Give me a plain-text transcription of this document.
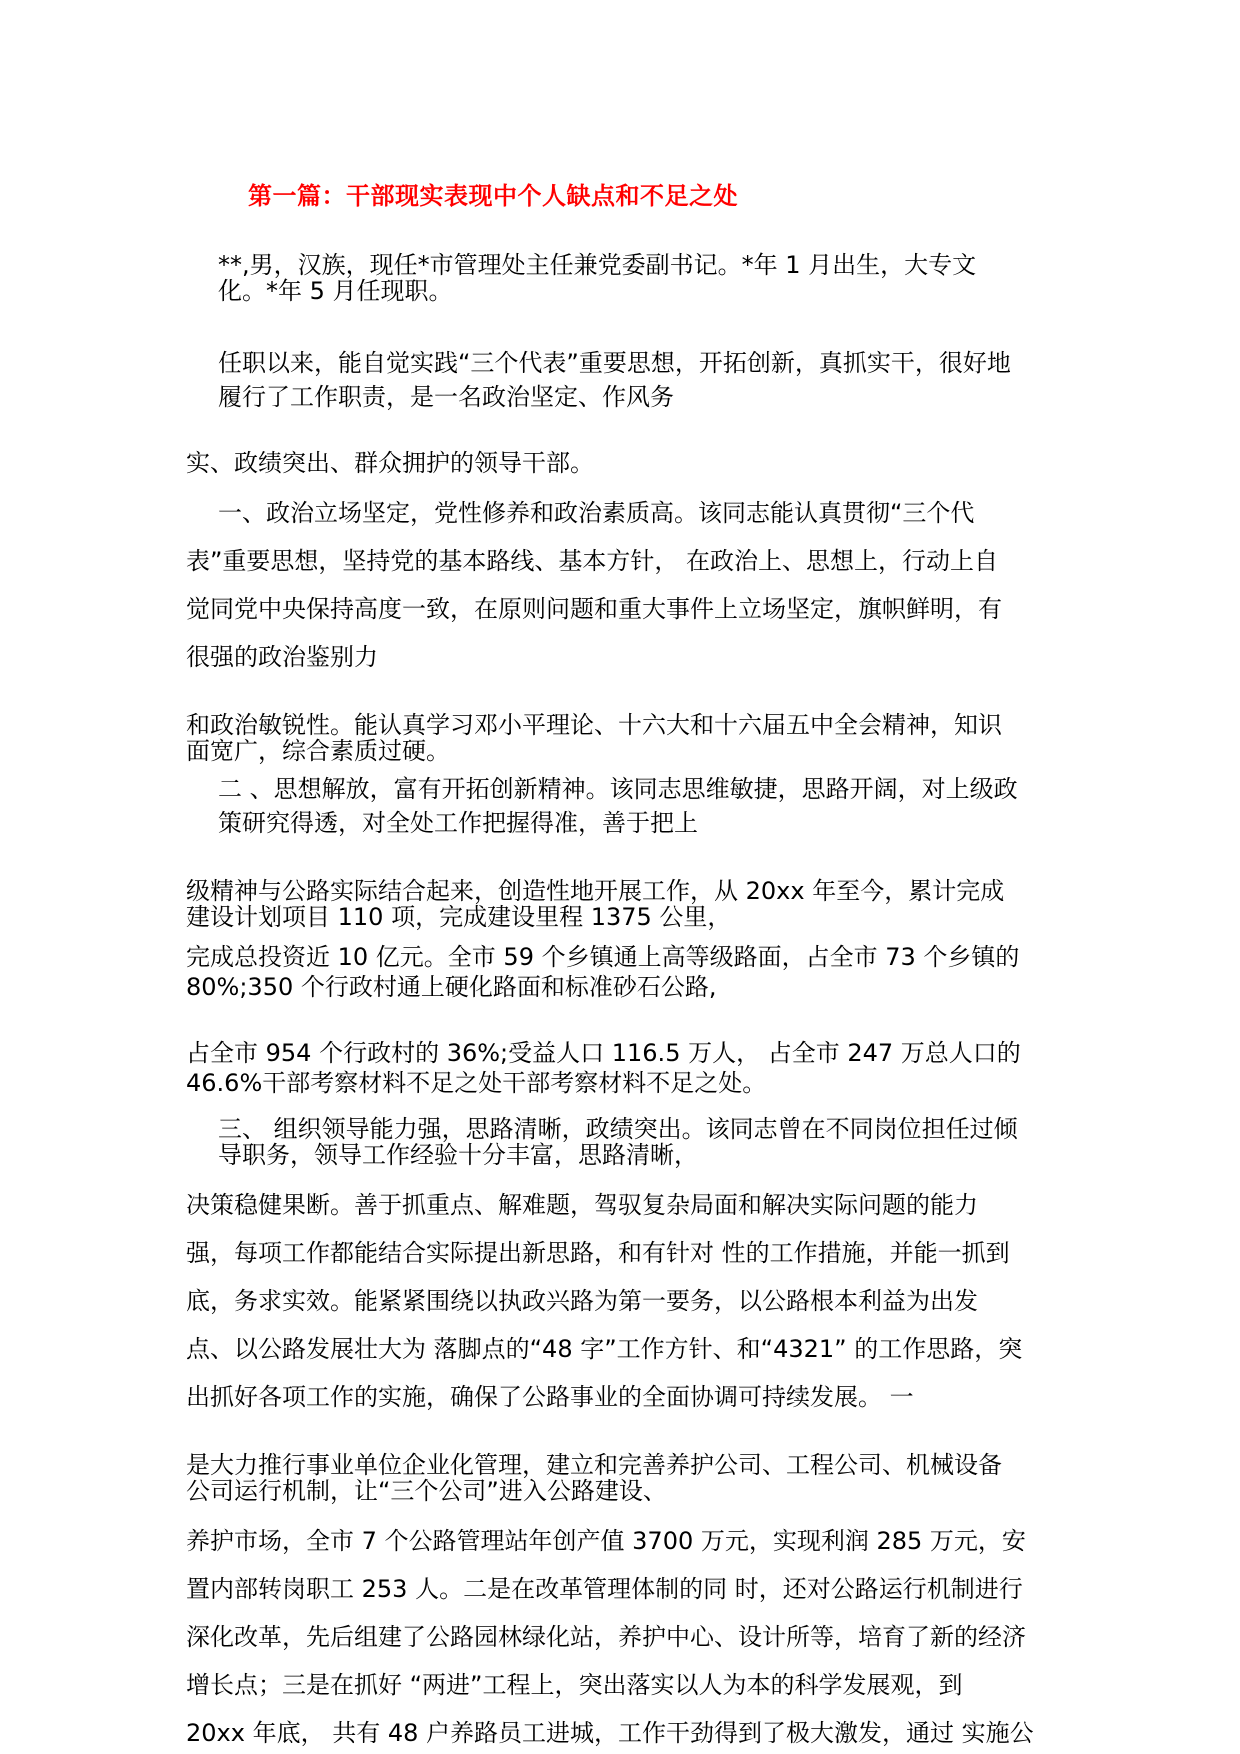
第一篇：干部现实表现中个人缺点和不足之处
**,男，汉族，现任*市管理处主任兼党委副书记。*年 1 月出生，大专文
化。*年 5 月任现职。
任职以来，能自觉实践“三个代表”重要思想，开拓创新，真抓实干，很好地
履行了工作职责，是一名政治坚定、作风务
实、政绩突出、群众拥护的领导干部。
一、政治立场坚定，党性修养和政治素质高。该同志能认真贯彻“三个代
表”重要思想，坚持党的基本路线、基本方针， 在政治上、思想上，行动上自
觉同党中央保持高度一致，在原则问题和重大事件上立场坚定，旗帜鲜明，有
很强的政治鉴别力
和政治敏锐性。能认真学习邓小平理论、十六大和十六届五中全会精神，知识
面宽广，综合素质过硬。
二 、思想解放，富有开拓创新精神。该同志思维敏捷，思路开阔，对上级政
策研究得透，对全处工作把握得准，善于把上
级精神与公路实际结合起来，创造性地开展工作，从 20xx 年至今，累计完成
建设计划项目 110 项，完成建设里程 1375 公里，
完成总投资近 10 亿元。全市 59 个乡镇通上高等级路面，占全市 73 个乡镇的
80%;350 个行政村通上硬化路面和标准砂石公路,
占全市 954 个行政村的 36%;受益人口 116.5 万人， 占全市 247 万总人口的
46.6%干部考察材料不足之处干部考察材料不足之处。
三、 组织领导能力强，思路清晰，政绩突出。该同志曾在不同岗位担任过倾
导职务，领导工作经验十分丰富，思路清晰，
决策稳健果断。善于抓重点、解难题，驾驭复杂局面和解决实际问题的能力
强，每项工作都能结合实际提出新思路，和有针对 性的工作措施，并能一抓到
底，务求实效。能紧紧围绕以执政兴路为第一要务，以公路根本利益为出发
点、以公路发展壮大为 落脚点的“48 字”工作方针、和“4321” 的工作思路，突
出抓好各项工作的实施，确保了公路事业的全面协调可持续发展。 一
是大力推行事业单位企业化管理，建立和完善养护公司、工程公司、机械设备
公司运行机制，让“三个公司”进入公路建设、
养护市场，全市 7 个公路管理站年创产值 3700 万元，实现利润 285 万元，安
置内部转岗职工 253 人。二是在改革管理体制的同 时，还对公路运行机制进行
深化改革，先后组建了公路园林绿化站，养护中心、设计所等，培育了新的经济
增长点；三是在抓好 “两进”工程上，突出落实以人为本的科学发展观，到
20xx 年底， 共有 48 户养路员工进城，工作干劲得到了极大激发，通过 实施公
